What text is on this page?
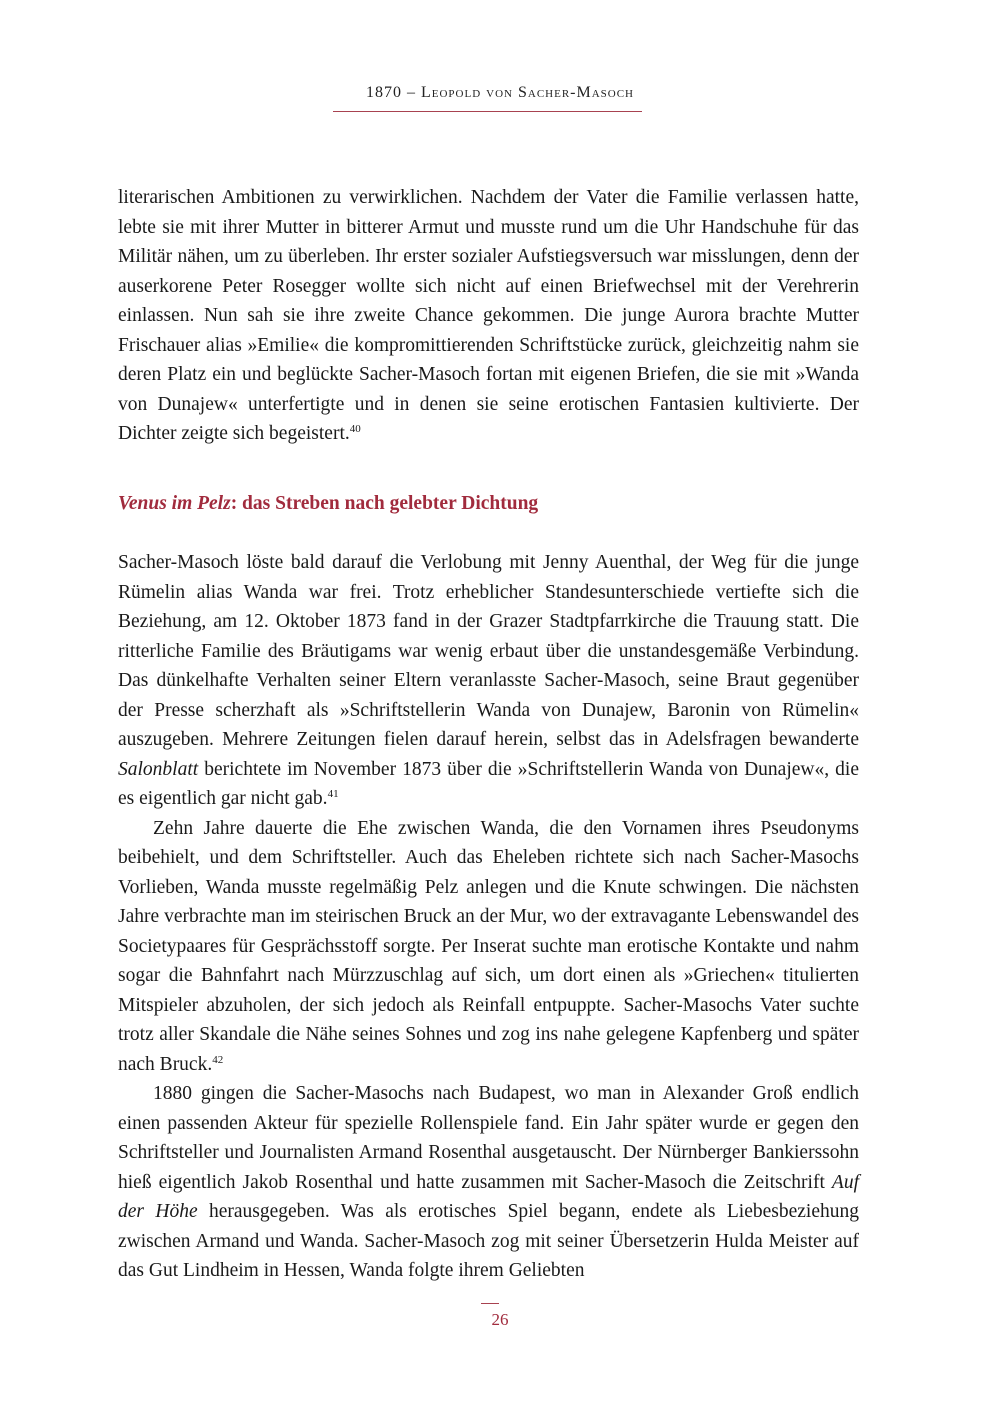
1870 – Leopold von Sacher-Masoch

literarischen Ambitionen zu verwirklichen. Nachdem der Vater die Familie verlassen hatte, lebte sie mit ihrer Mutter in bitterer Armut und musste rund um die Uhr Handschuhe für das Militär nähen, um zu überleben. Ihr erster sozialer Aufstiegsversuch war misslungen, denn der auserkorene Peter Rosegger wollte sich nicht auf einen Briefwechsel mit der Verehrerin einlassen. Nun sah sie ihre zweite Chance gekommen. Die junge Aurora brachte Mutter Frischauer alias »Emilie« die kompromittierenden Schriftstücke zurück, gleichzeitig nahm sie deren Platz ein und beglückte Sacher-Masoch fortan mit eigenen Briefen, die sie mit »Wanda von Dunajew« unterfertigte und in denen sie seine erotischen Fantasien kultivierte. Der Dichter zeigte sich begeistert.$^{40}$

Venus im Pelz: das Streben nach gelebter Dichtung

Sacher-Masoch löste bald darauf die Verlobung mit Jenny Auenthal, der Weg für die junge Rümelin alias Wanda war frei. Trotz erheblicher Standesunterschiede vertiefte sich die Beziehung, am 12. Oktober 1873 fand in der Grazer Stadtpfarrkirche die Trauung statt. Die ritterliche Familie des Bräutigams war wenig erbaut über die unstandesgemäße Verbindung. Das dünkelhafte Verhalten seiner Eltern veranlasste Sacher-Masoch, seine Braut gegenüber der Presse scherzhaft als »Schriftstellerin Wanda von Dunajew, Baronin von Rümelin« auszugeben. Mehrere Zeitungen fielen darauf herein, selbst das in Adelsfragen bewanderte Salonblatt berichtete im November 1873 über die »Schriftstellerin Wanda von Dunajew«, die es eigentlich gar nicht gab.$^{41}$

Zehn Jahre dauerte die Ehe zwischen Wanda, die den Vornamen ihres Pseudonyms beibehielt, und dem Schriftsteller. Auch das Eheleben richtete sich nach Sacher-Masochs Vorlieben, Wanda musste regelmäßig Pelz anlegen und die Knute schwingen. Die nächsten Jahre verbrachte man im steirischen Bruck an der Mur, wo der extravagante Lebenswandel des Societypaares für Gesprächsstoff sorgte. Per Inserat suchte man erotische Kontakte und nahm sogar die Bahnfahrt nach Mürzzuschlag auf sich, um dort einen als »Griechen« titulierten Mitspieler abzuholen, der sich jedoch als Reinfall entpuppte. Sacher-Masochs Vater suchte trotz aller Skandale die Nähe seines Sohnes und zog ins nahe gelegene Kapfenberg und später nach Bruck.$^{42}$

1880 gingen die Sacher-Masochs nach Budapest, wo man in Alexander Groß endlich einen passenden Akteur für spezielle Rollenspiele fand. Ein Jahr später wurde er gegen den Schriftsteller und Journalisten Armand Rosenthal ausgetauscht. Der Nürnberger Bankierssohn hieß eigentlich Jakob Rosenthal und hatte zusammen mit Sacher-Masoch die Zeitschrift Auf der Höhe herausgegeben. Was als erotisches Spiel begann, endete als Liebesbeziehung zwischen Armand und Wanda. Sacher-Masoch zog mit seiner Übersetzerin Hulda Meister auf das Gut Lindheim in Hessen, Wanda folgte ihrem Geliebten

26
